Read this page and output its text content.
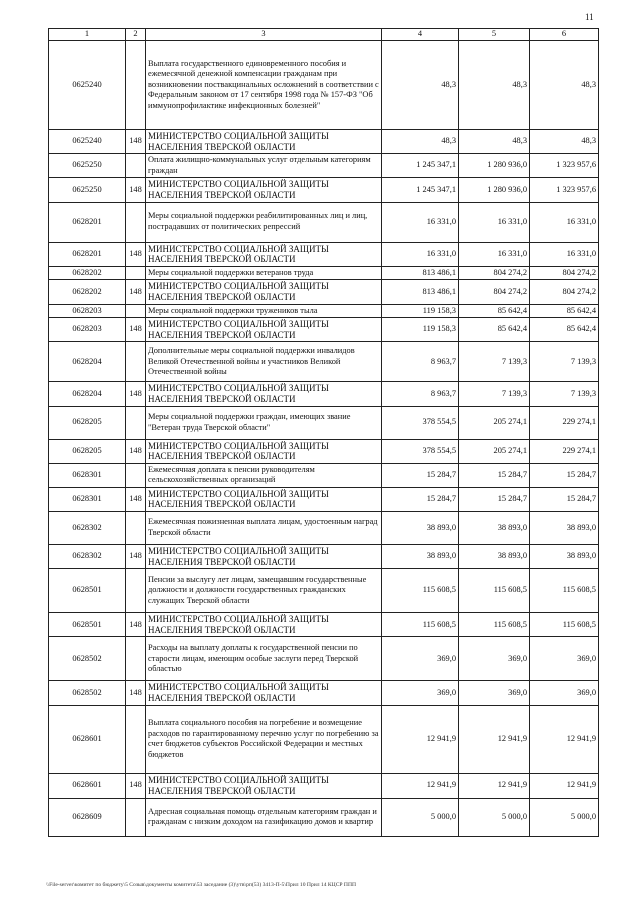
11
1	2	3	4	5	6
0625240		Выплата государственного единовременного пособия и ежемесячной денежной компенсации гражданам при возникновении поствакцинальных осложнений в соответствии с Федеральным законом от 17 сентября 1998 года № 157-ФЗ "Об иммунопрофилактике инфекционных болезней"	48,3	48,3	48,3
0625240	148	МИНИСТЕРСТВО СОЦИАЛЬНОЙ ЗАЩИТЫ НАСЕЛЕНИЯ ТВЕРСКОЙ ОБЛАСТИ	48,3	48,3	48,3
0625250		Оплата жилищно-коммунальных услуг отдельным категориям граждан	1 245 347,1	1 280 936,0	1 323 957,6
0625250	148	МИНИСТЕРСТВО СОЦИАЛЬНОЙ ЗАЩИТЫ НАСЕЛЕНИЯ ТВЕРСКОЙ ОБЛАСТИ	1 245 347,1	1 280 936,0	1 323 957,6
0628201		Меры социальной поддержки реабилитированных лиц и лиц, пострадавших от политических репрессий	16 331,0	16 331,0	16 331,0
0628201	148	МИНИСТЕРСТВО СОЦИАЛЬНОЙ ЗАЩИТЫ НАСЕЛЕНИЯ ТВЕРСКОЙ ОБЛАСТИ	16 331,0	16 331,0	16 331,0
0628202		Меры социальной поддержки ветеранов труда	813 486,1	804 274,2	804 274,2
0628202	148	МИНИСТЕРСТВО СОЦИАЛЬНОЙ ЗАЩИТЫ НАСЕЛЕНИЯ ТВЕРСКОЙ ОБЛАСТИ	813 486,1	804 274,2	804 274,2
0628203		Меры социальной поддержки тружеников тыла	119 158,3	85 642,4	85 642,4
0628203	148	МИНИСТЕРСТВО СОЦИАЛЬНОЙ ЗАЩИТЫ НАСЕЛЕНИЯ ТВЕРСКОЙ ОБЛАСТИ	119 158,3	85 642,4	85 642,4
0628204		Дополнительные меры социальной поддержки инвалидов Великой Отечественной войны и участников Великой Отечественной войны	8 963,7	7 139,3	7 139,3
0628204	148	МИНИСТЕРСТВО СОЦИАЛЬНОЙ ЗАЩИТЫ НАСЕЛЕНИЯ ТВЕРСКОЙ ОБЛАСТИ	8 963,7	7 139,3	7 139,3
0628205		Меры социальной поддержки граждан, имеющих звание "Ветеран труда Тверской области"	378 554,5	205 274,1	229 274,1
0628205	148	МИНИСТЕРСТВО СОЦИАЛЬНОЙ ЗАЩИТЫ НАСЕЛЕНИЯ ТВЕРСКОЙ ОБЛАСТИ	378 554,5	205 274,1	229 274,1
0628301		Ежемесячная доплата к пенсии руководителям сельскохозяйственных организаций	15 284,7	15 284,7	15 284,7
0628301	148	МИНИСТЕРСТВО СОЦИАЛЬНОЙ ЗАЩИТЫ НАСЕЛЕНИЯ ТВЕРСКОЙ ОБЛАСТИ	15 284,7	15 284,7	15 284,7
0628302		Ежемесячная пожизненная выплата лицам, удостоенным наград Тверской области	38 893,0	38 893,0	38 893,0
0628302	148	МИНИСТЕРСТВО СОЦИАЛЬНОЙ ЗАЩИТЫ НАСЕЛЕНИЯ ТВЕРСКОЙ ОБЛАСТИ	38 893,0	38 893,0	38 893,0
0628501		Пенсии за выслугу лет лицам, замещавшим государственные должности и должности государственных гражданских служащих Тверской области	115 608,5	115 608,5	115 608,5
0628501	148	МИНИСТЕРСТВО СОЦИАЛЬНОЙ ЗАЩИТЫ НАСЕЛЕНИЯ ТВЕРСКОЙ ОБЛАСТИ	115 608,5	115 608,5	115 608,5
0628502		Расходы на выплату доплаты к государственной пенсии по старости лицам, имеющим особые заслуги перед Тверской областью	369,0	369,0	369,0
0628502	148	МИНИСТЕРСТВО СОЦИАЛЬНОЙ ЗАЩИТЫ НАСЕЛЕНИЯ ТВЕРСКОЙ ОБЛАСТИ	369,0	369,0	369,0
0628601		Выплата социального пособия на погребение и возмещение расходов по гарантированному перечню услуг по погребению за счет бюджетов субъектов Российской Федерации и местных бюджетов	12 941,9	12 941,9	12 941,9
0628601	148	МИНИСТЕРСТВО СОЦИАЛЬНОЙ ЗАЩИТЫ НАСЕЛЕНИЯ ТВЕРСКОЙ ОБЛАСТИ	12 941,9	12 941,9	12 941,9
0628609		Адресная социальная помощь отдельным категориям граждан и гражданам с низким доходом на газификацию домов и квартир	5 000,0	5 000,0	5 000,0
\\File-server\комитет по бюджету\5 Созыв\документы комитета\53 заседание (3)\утв\рп(53) 3413-П-5\Прил 10 Прил 14 КЦСР ППП
